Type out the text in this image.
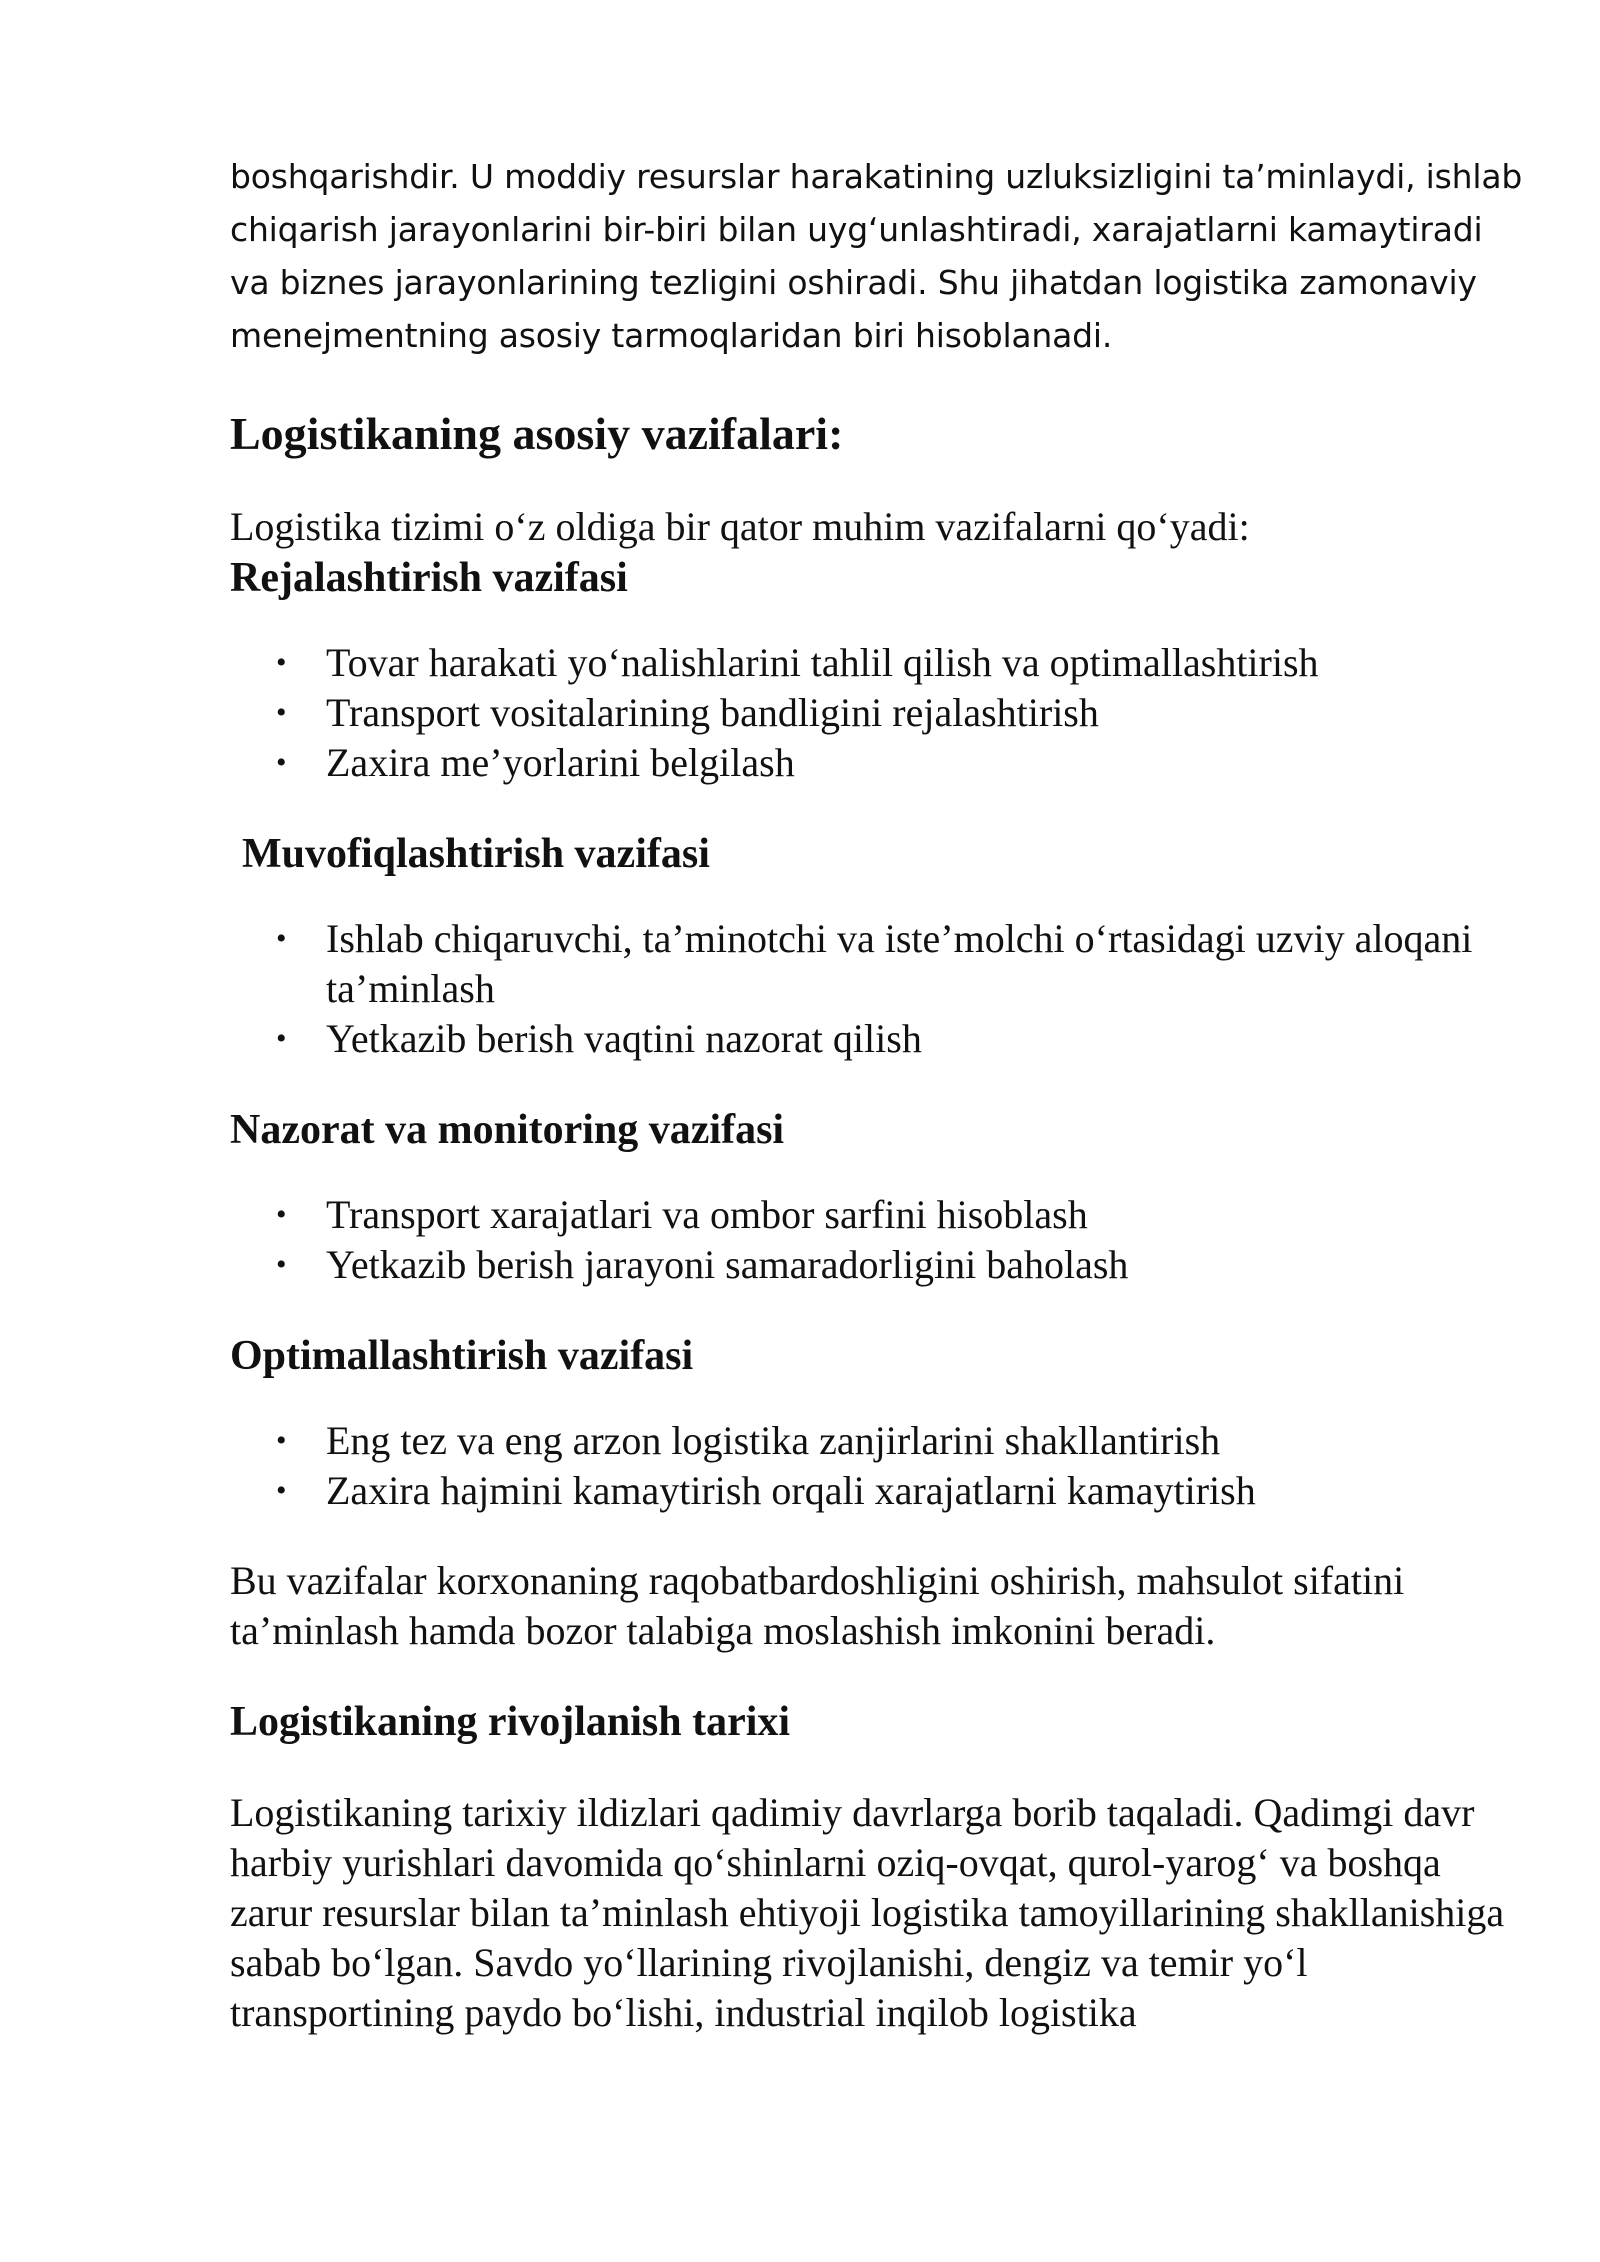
boshqarishdir. U moddiy resurslar harakatining uzluksizligini ta’minlaydi, ishlab chiqarish jarayonlarini bir-biri bilan uyg‘unlashtiradi, xarajatlarni kamaytiradi va biznes jarayonlarining tezligini oshiradi. Shu jihatdan logistika zamonaviy menejmentning asosiy tarmoqlaridan biri hisoblanadi.

Logistikaning asosiy vazifalari:

Logistika tizimi o‘z oldiga bir qator muhim vazifalarni qo‘yadi:

Rejalashtirish vazifasi
• Tovar harakati yo‘nalishlarini tahlil qilish va optimallashtirish
• Transport vositalarining bandligini rejalashtirish
• Zaxira me’yorlarini belgilash
Muvofiqlashtirish vazifasi
• Ishlab chiqaruvchi, ta’minotchi va iste’molchi o‘rtasidagi uzviy aloqani ta’minlash
• Yetkazib berish vaqtini nazorat qilish
Nazorat va monitoring vazifasi
• Transport xarajatlari va ombor sarfini hisoblash
• Yetkazib berish jarayoni samaradorligini baholash
Optimallashtirish vazifasi
• Eng tez va eng arzon logistika zanjirlarini shakllantirish
• Zaxira hajmini kamaytirish orqali xarajatlarni kamaytirish

Bu vazifalar korxonaning raqobatbardoshligini oshirish, mahsulot sifatini ta’minlash hamda bozor talabiga moslashish imkonini beradi.

Logistikaning rivojlanish tarixi

Logistikaning tarixiy ildizlari qadimiy davrlarga borib taqaladi. Qadimgi davr harbiy yurishlari davomida qo‘shinlarni oziq-ovqat, qurol-yarog‘ va boshqa zarur resurslar bilan ta’minlash ehtiyoji logistika tamoyillarining shakllanishiga sabab bo‘lgan. Savdo yo‘llarining rivojlanishi, dengiz va temir yo‘l transportining paydo bo‘lishi, industrial inqilob logistika
